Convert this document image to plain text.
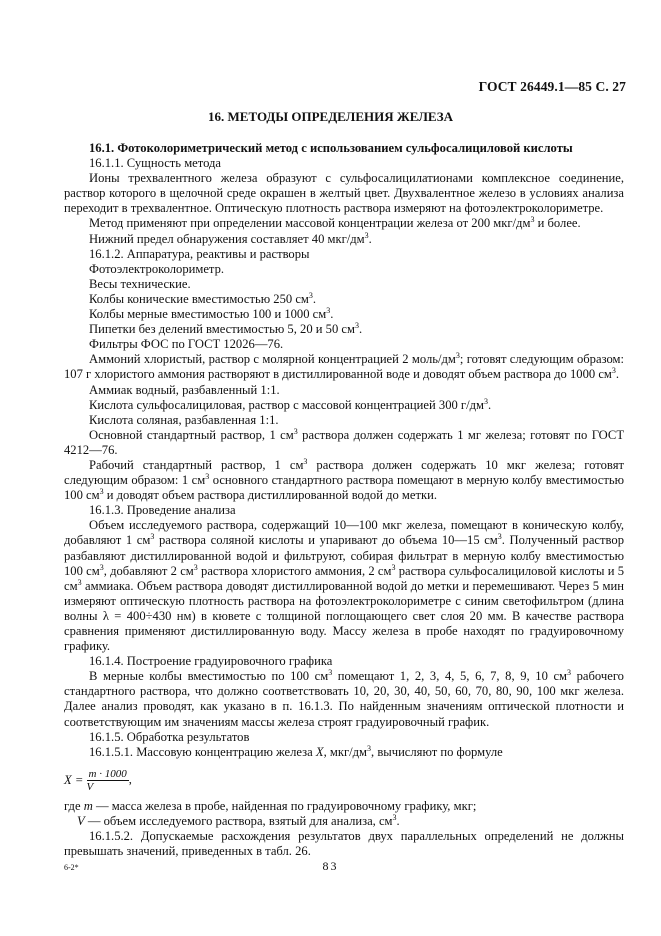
ГОСТ 26449.1—85 С. 27
16. МЕТОДЫ ОПРЕДЕЛЕНИЯ ЖЕЛЕЗА

16.1. Фотоколориметрический метод с использованием сульфосалициловой кислоты

16.1.1. Сущность метода

Ионы трехвалентного железа образуют с сульфосалицилатионами комплексное соединение, раствор которого в щелочной среде окрашен в желтый цвет. Двухвалентное железо в условиях анализа переходит в трехвалентное. Оптическую плотность раствора измеряют на фотоэлектроколориметре.

Метод применяют при определении массовой концентрации железа от 200 мкг/$дм^3$ и более.

Нижний предел обнаружения составляет 40 мкг/$дм^3$.

16.1.2. Аппаратура, реактивы и растворы

Фотоэлектроколориметр.

Весы технические.

Колбы конические вместимостью 250 $см^3$.

Колбы мерные вместимостью 100 и 1000 $см^3$.

Пипетки без делений вместимостью 5, 20 и 50 $см^3$.

Фильтры ФОС по ГОСТ 12026—76.

Аммоний хлористый, раствор с молярной концентрацией 2 моль/$дм^3$; готовят следующим образом: 107 г хлористого аммония растворяют в дистиллированной воде и доводят объем раствора до 1000 $см^3$.

Аммиак водный, разбавленный 1:1.

Кислота сульфосалициловая, раствор с массовой концентрацией 300 $г/дм^3$.

Кислота соляная, разбавленная 1:1.

Основной стандартный раствор, 1 $см^3$ раствора должен содержать 1 мг железа; готовят по ГОСТ 4212—76.

Рабочий стандартный раствор, 1 $см^3$ раствора должен содержать 10 мкг железа; готовят следующим образом: 1 $см^3$ основного стандартного раствора помещают в мерную колбу вместимостью 100 $см^3$ и доводят объем раствора дистиллированной водой до метки.

16.1.3. Проведение анализа

Объем исследуемого раствора, содержащий 10—100 мкг железа, помещают в коническую колбу, добавляют 1 $см^3$ раствора соляной кислоты и упаривают до объема 10—15 $см^3$. Полученный раствор разбавляют дистиллированной водой и фильтруют, собирая фильтрат в мерную колбу вместимостью 100 $см^3$, добавляют 2 $см^3$ раствора хлористого аммония, 2 $см^3$ раствора сульфосалициловой кислоты и 5 $см^3$ аммиака. Объем раствора доводят дистиллированной водой до метки и перемешивают. Через 5 мин измеряют оптическую плотность раствора на фотоэлектроколориметре с синим светофильтром (длина волны λ = 400÷430 нм) в кювете с толщиной поглощающего свет слоя 20 мм. В качестве раствора сравнения применяют дистиллированную воду. Массу железа в пробе находят по градуировочному графику.

16.1.4. Построение градуировочного графика

В мерные колбы вместимостью по 100 $см^3$ помещают 1, 2, 3, 4, 5, 6, 7, 8, 9, 10 $см^3$ рабочего стандартного раствора, что должно соответствовать 10, 20, 30, 40, 50, 60, 70, 80, 90, 100 мкг железа. Далее анализ проводят, как указано в п. 16.1.3. По найденным значениям оптической плотности и соответствующим им значениям массы железа строят градуировочный график.

16.1.5. Обработка результатов

16.1.5.1. Массовую концентрацию железа X, мкг/$дм^3$, вычисляют по формуле

$X = \frac{m \cdot 1000}{V}$ ,

где m — масса железа в пробе, найденная по градуировочному графику, мкг;

V — объем исследуемого раствора, взятый для анализа, $см^3$.

16.1.5.2. Допускаемые расхождения результатов двух параллельных определений не должны превышать значений, приведенных в табл. 26.

6-2*	83
